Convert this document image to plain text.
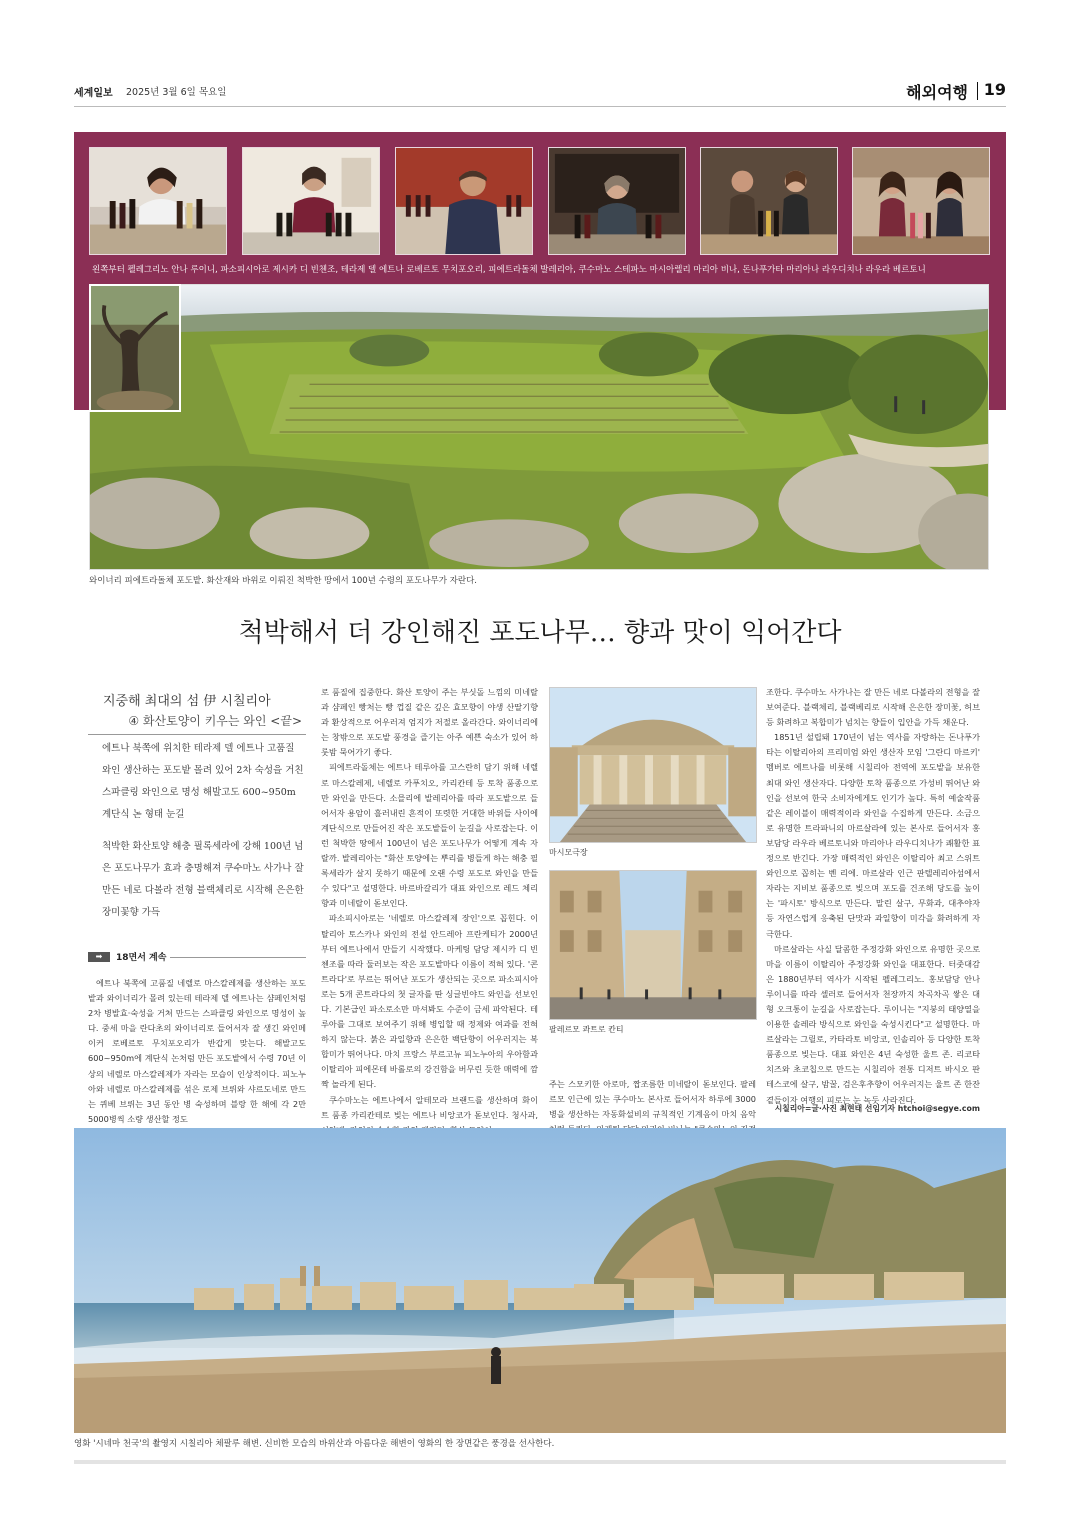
세계일보 2025년 3월 6일 목요일	해외여행 19
왼쪽부터 펠레그리노 안나 루이니, 파소피시아로 제시카 디 빈첸조, 테라제 델 에트나 로베르토 무치포오리, 피에트라돌체 발레리아, 쿠수마노 스테파노 마시아렐리 마리아 비나, 돈나푸가타 마리아나 라우디치나 라우라 베르토니
와이너리 피에트라돌체 포도밭. 화산재와 바위로 이뤄진 척박한 땅에서 100년 수령의 포도나무가 자란다.
척박해서 더 강인해진 포도나무… 향과 맛이 익어간다
지중해 최대의 섬 伊 시칠리아
④ 화산토양이 키우는 와인 <끝>

에트나 북쪽에 위치한 테라제 델 에트나 고품질 와인 생산하는 포도밭 몰려 있어 2차 숙성을 거친 스파클링 와인으로 명성 해발고도 600~950m 계단식 논 형태 눈길

척박한 화산토양 해충 필록세라에 강해 100년 넘은 포도나무가 효과 충명해져 쿠수마노 사가나 잘 만든 네로 다볼라 전형 블랙체리로 시작해 은은한 장미꽃향 가득

➡	18면서 계속

에트나 북쪽에 고품질 네렐로 마스칼레제를 생산하는 포도밭과 와이너리가 몰려 있는데 테라제 델 에트나는 샴페인처럼 2차 병발효·숙성을 거쳐 만드는 스파클링 와인으로 명성이 높다. 중세 마을 란다초의 와이너리로 들어서자 잘 생긴 와인메이커 로베르토 무치포오리가 반갑게 맞는다. 해발고도 600~950m에 계단식 논처럼 만든 포도밭에서 수령 70년 이상의 네렐로 마스칼레제가 자라는 모습이 인상적이다. 피노누아와 네렐로 마스칼레제를 섞은 로제 브뤼와 샤르도네로 만드는 퀴베 브뤼는 3년 동안 병 숙성하며 블랑 한 해에 각 2만5000병씩 소량 생산할 정도

로 품질에 집중한다. 화산 토양이 주는 부싯돌 느낌의 미네랄과 샴페인 빵처는 빵 껍질 같은 깊은 효모향이 야생 산딸기향과 환상적으로 어우러져 엄지가 저절로 올라간다. 와이너리에는 창밖으로 포도밭 풍경을 즐기는 아주 예쁜 숙소가 있어 하룻밤 묵어가기 좋다.

피에트라돌체는 에트나 테루아를 고스란히 담기 위해 네렐로 마스칼레제, 네렐로 카푸치오, 카리칸테 등 토착 품종으로만 와인을 만든다. 소믈리에 발레리아를 따라 포도밭으로 들어서자 용암이 흘러내린 흔적이 또렷한 거대한 바위들 사이에 계단식으로 만들어진 작은 포도밭들이 눈길을 사로잡는다. 이런 척박한 땅에서 100년이 넘은 포도나무가 어떻게 계속 자랄까. 발레리아는 "화산 토양에는 뿌리를 병들게 하는 해충 필록세라가 살지 못하기 때문에 오랜 수령 포도로 와인을 만들 수 있다"고 설명한다. 바르바갈리가 대표 와인으로 레드 체리향과 미네랄이 돋보인다.

파소피시아로는 '네렐로 마스칼레제 장인'으로 꼽힌다. 이탈리아 토스카나 와인의 전설 안드레아 프란케티가 2000년부터 에트나에서 만들기 시작했다. 마케팅 담당 제시카 디 빈첸조를 따라 둘러보는 작은 포도밭마다 이름이 적혀 있다. '콘트라다'로 부르는 뛰어난 포도가 생산되는 곳으로 파소피시아로는 5개 콘트라다의 첫 글자를 딴 싱글빈야드 와인을 선보인다. 기본급인 파소로소만 마셔봐도 수준이 금세 파악된다. 테루아를 그대로 보여주기 위해 병입할 때 정제와 여과를 전혀 하지 않는다. 붉은 과일향과 은은한 백단향이 어우러지는 복합미가 뛰어나다. 마치 프랑스 부르고뉴 피노누아의 우아함과 이탈리아 피에몬테 바롤로의 강건함을 버무린 듯한 매력에 깜짝 놀라게 된다.

쿠수마노는 에트나에서 알테모라 브랜드를 생산하며 화이트 품종 카리칸테로 빚는 에트나 비앙코가 돋보인다. 청사과,

주는 스모키한 아로마, 짭조름한 미네랄이 돋보인다. 팔레르모 인근에 있는 쿠수마노 본사로 들어서자 하루에 3000병을 생산하는 자동화설비의 규칙적인 기계음이 마치 음악

조한다. 쿠수마노 사가나는 잘 만든 네로 다볼라의 전형을 잘 보여준다. 블랙체리, 블랙베리로 시작해 은은한 장미꽃, 허브 등 화려하고 복합미가 넘치는 향들이 입안을 가득 채운다.

1851년 설립돼 170년이 넘는 역사를 자랑하는 돈나푸가타는 이탈리아의 프리미엄 와인 생산자 모임 '그란디 마르키' 멤버로 에트나를 비롯해 시칠리아 전역에 포도밭을 보유한 최대 와인 생산자다. 다양한 토착 품종으로 가성비 뛰어난 와인을 선보여 한국 소비자에게도 인기가 높다. 특히 예술작품 같은 레이블이 매력적이라 와인을 수집하게 만든다. 소금으로 유명한 트라파니의 마르살라에 있는 본사로 들어서자 홍보담당 라우라 베르토니와 마리아나 라우디치나가 쾌활한 표정으로 반긴다. 가장 매력적인 와인은 이탈리아 최고 스위트 와인으로 꼽히는 벤 리에. 마르살라 인근 판텔레리아섬에서 자라는 지비보 품종으로 빚으며 포도를 건조해 당도를 높이는 '파시토' 방식으로 만든다. 말린 살구, 무화과, 대추야자 등 자연스럽게 응축된 단맛과 과일향이 미각을 화려하게 자극한다.

마르살라는 사실 달콤한 주정강화 와인으로 유명한 곳으로 마을 이름이 이탈리아 주정강화 와인을 대표한다. 터줏대감은 1880년부터 역사가 시작된 펠레그리노. 홍보담당 안나 루이니를 따라 셀러로 들어서자 천장까지 차곡차곡 쌓은 대형 오크통이 눈길을 사로잡는다. 루이니는 "지붕의 태양열을 이용한 솔레라 방식으로 와인을 숙성시킨다"고 설명한다. 마르살라는 그릴로, 카타라토 비앙코, 인솔리아 등 다양한 토착품종으로 빚는다. 대표 와인은 4년 숙성한 울트 존. 리코타 치즈와 초코칩으로 만드는 시칠리아 전통 디저트 바시오 판테스코에 살구, 밤꿀, 검은후추향이 어우러지는 울트 존 한잔 곁들이자 여행의 피로는 눈 녹듯 사라진다.

시칠리아=글·사진 최현태 선임기자 htchoi@segye.com
마시모극장
팔레르모 콰트로 칸티
영화 '시네마 천국'의 촬영지 시칠리아 체팔루 해변. 신비한 모습의 바위산과 아름다운 해변이 영화의 한 장면같은 풍경을 선사한다.
